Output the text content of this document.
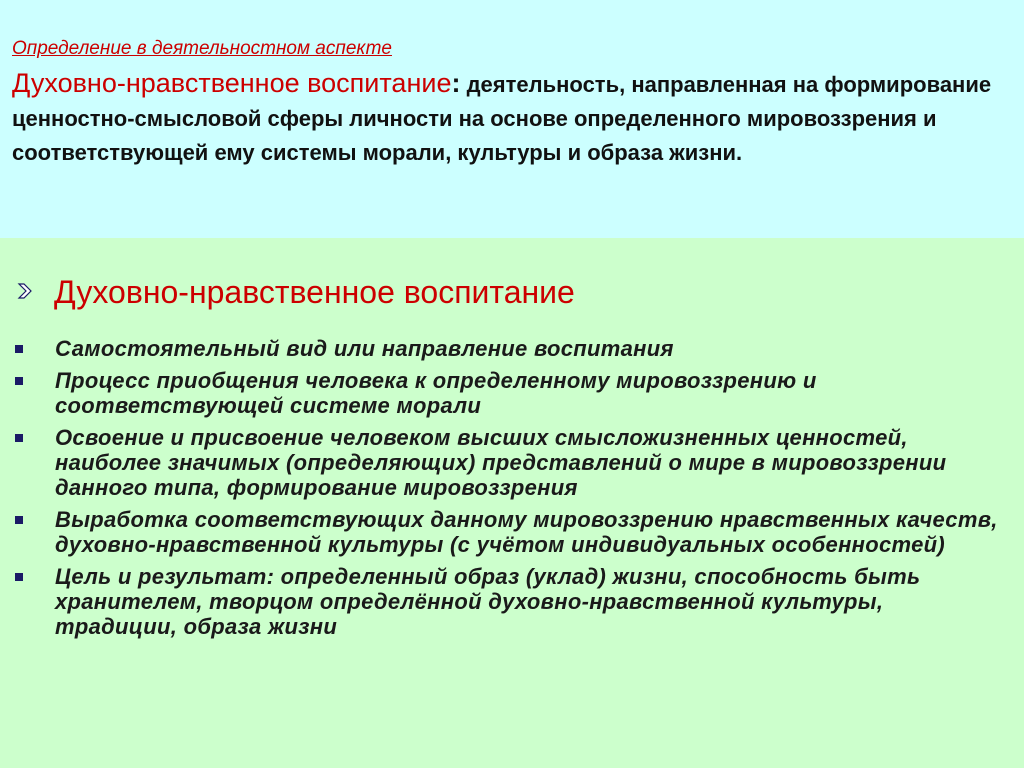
Определение в деятельностном аспекте
Духовно-нравственное воспитание: деятельность, направленная на формирование ценностно-смысловой сферы личности на основе определенного мировоззрения и соответствующей ему системы морали, культуры и образа жизни.
Духовно-нравственное воспитание
Самостоятельный вид или направление воспитания
Процесс приобщения человека к определенному мировоззрению и соответствующей системе морали
Освоение и присвоение человеком высших смысложизненных ценностей, наиболее значимых (определяющих) представлений о мире в мировоззрении данного типа, формирование мировоззрения
Выработка соответствующих данному мировоззрению нравственных качеств, духовно-нравственной культуры (с учётом индивидуальных особенностей)
Цель и результат: определенный образ (уклад) жизни, способность быть хранителем, творцом определённой духовно-нравственной культуры, традиции, образа жизни
